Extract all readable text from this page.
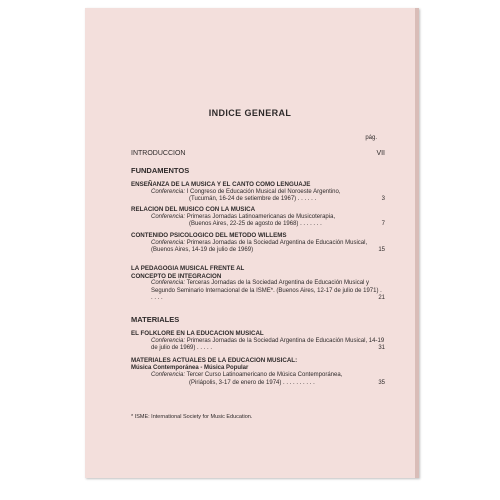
INDICE GENERAL
pág.
INTRODUCCION	VII
FUNDAMENTOS
ENSEÑANZA DE LA MUSICA Y EL CANTO COMO LENGUAJE
Conferencia: I Congreso de Educación Musical del Noroeste Argentino,
(Tucumán, 16-24 de setiembre de 1967) . . . . . .	3
RELACION DEL MUSICO CON LA MUSICA
Conferencia: Primeras Jornadas Latinoamericanas de Musicoterapia,
(Buenos Aires, 22-25 de agosto de 1968) . . . . . . .	7
CONTENIDO PSICOLOGICO DEL METODO WILLEMS
Conferencia: Primeras Jornadas de la Sociedad Argentina de Educación Musical, (Buenos Aires, 14-19 de julio de 1969)	15
LA PEDAGOGIA MUSICAL FRENTE AL
CONCEPTO DE INTEGRACION
Conferencia: Terceras Jornadas de la Sociedad Argentina de Educación Musical y Segundo Seminario Internacional de la ISME*. (Buenos Aires, 12-17 de julio de 1971) . . . . .	21
MATERIALES
EL FOLKLORE EN LA EDUCACION MUSICAL
Conferencia: Primeras Jornadas de la Sociedad Argentina de Educación Musical, 14-19 de julio de 1969) . . . . .	31
MATERIALES ACTUALES DE LA EDUCACION MUSICAL:
Música Contemporánea - Música Popular
Conferencia: Tercer Curso Latinoamericano de Música Contemporánea,
(Piriápolis, 3-17 de enero de 1974) . . . . . . . . . .	35
* ISME: International Society for Music Education.
